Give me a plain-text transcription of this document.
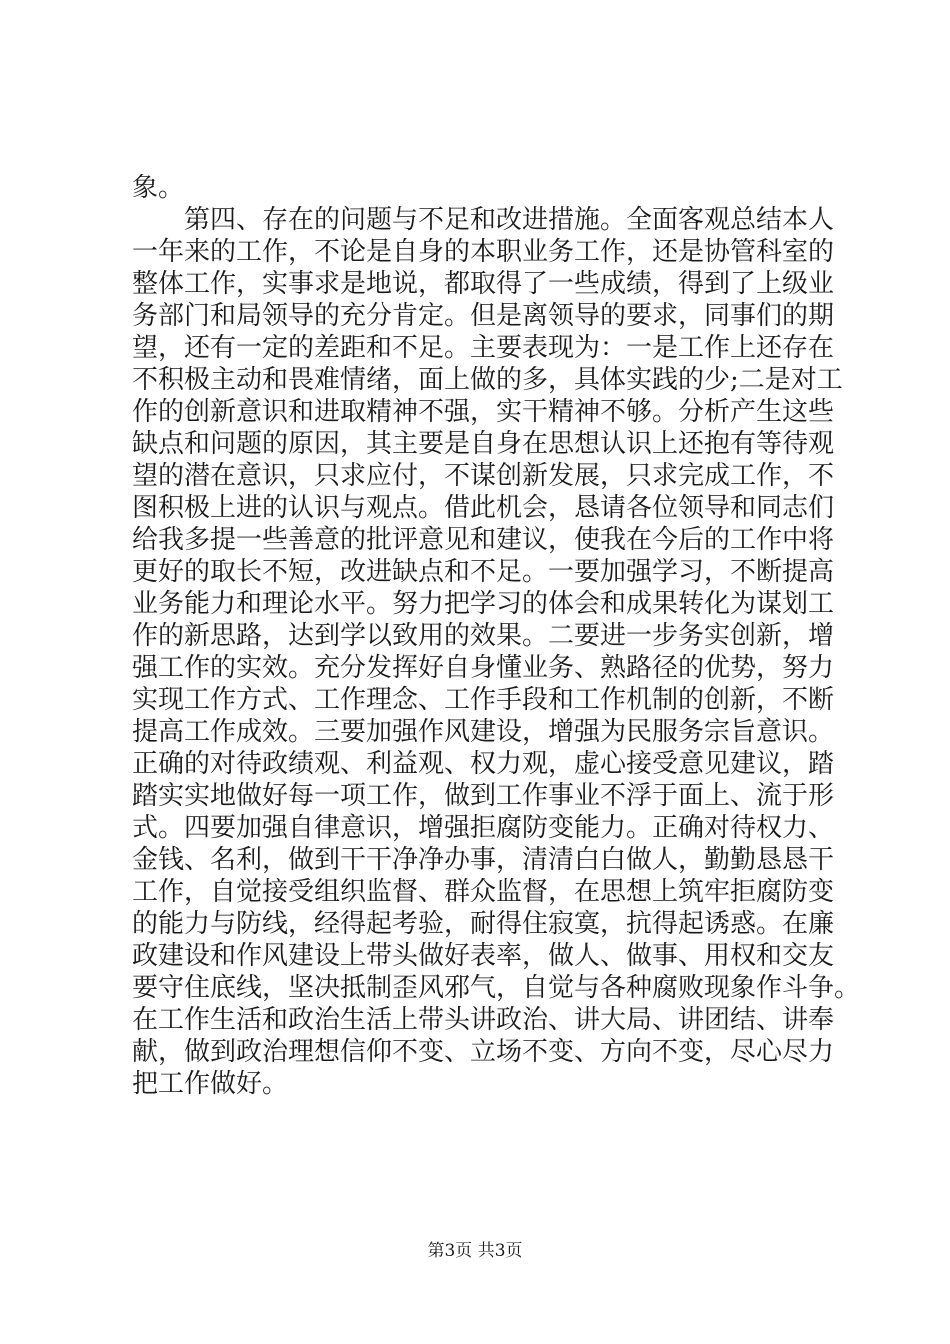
象。
　　第四、存在的问题与不足和改进措施。全面客观总结本人
一年来的工作，不论是自身的本职业务工作，还是协管科室的
整体工作，实事求是地说，都取得了一些成绩，得到了上级业
务部门和局领导的充分肯定。但是离领导的要求，同事们的期
望，还有一定的差距和不足。主要表现为：一是工作上还存在
不积极主动和畏难情绪，面上做的多，具体实践的少;二是对工
作的创新意识和进取精神不强，实干精神不够。分析产生这些
缺点和问题的原因，其主要是自身在思想认识上还抱有等待观
望的潜在意识，只求应付，不谋创新发展，只求完成工作，不
图积极上进的认识与观点。借此机会，恳请各位领导和同志们
给我多提一些善意的批评意见和建议，使我在今后的工作中将
更好的取长不短，改进缺点和不足。一要加强学习，不断提高
业务能力和理论水平。努力把学习的体会和成果转化为谋划工
作的新思路，达到学以致用的效果。二要进一步务实创新，增
强工作的实效。充分发挥好自身懂业务、熟路径的优势，努力
实现工作方式、工作理念、工作手段和工作机制的创新，不断
提高工作成效。三要加强作风建设，增强为民服务宗旨意识。
正确的对待政绩观、利益观、权力观，虚心接受意见建议，踏
踏实实地做好每一项工作，做到工作事业不浮于面上、流于形
式。四要加强自律意识，增强拒腐防变能力。正确对待权力、
金钱、名利，做到干干净净办事，清清白白做人，勤勤恳恳干
工作，自觉接受组织监督、群众监督，在思想上筑牢拒腐防变
的能力与防线，经得起考验，耐得住寂寞，抗得起诱惑。在廉
政建设和作风建设上带头做好表率，做人、做事、用权和交友
要守住底线，坚决抵制歪风邪气，自觉与各种腐败现象作斗争。
在工作生活和政治生活上带头讲政治、讲大局、讲团结、讲奉
献，做到政治理想信仰不变、立场不变、方向不变，尽心尽力
把工作做好。
第3页 共3页
